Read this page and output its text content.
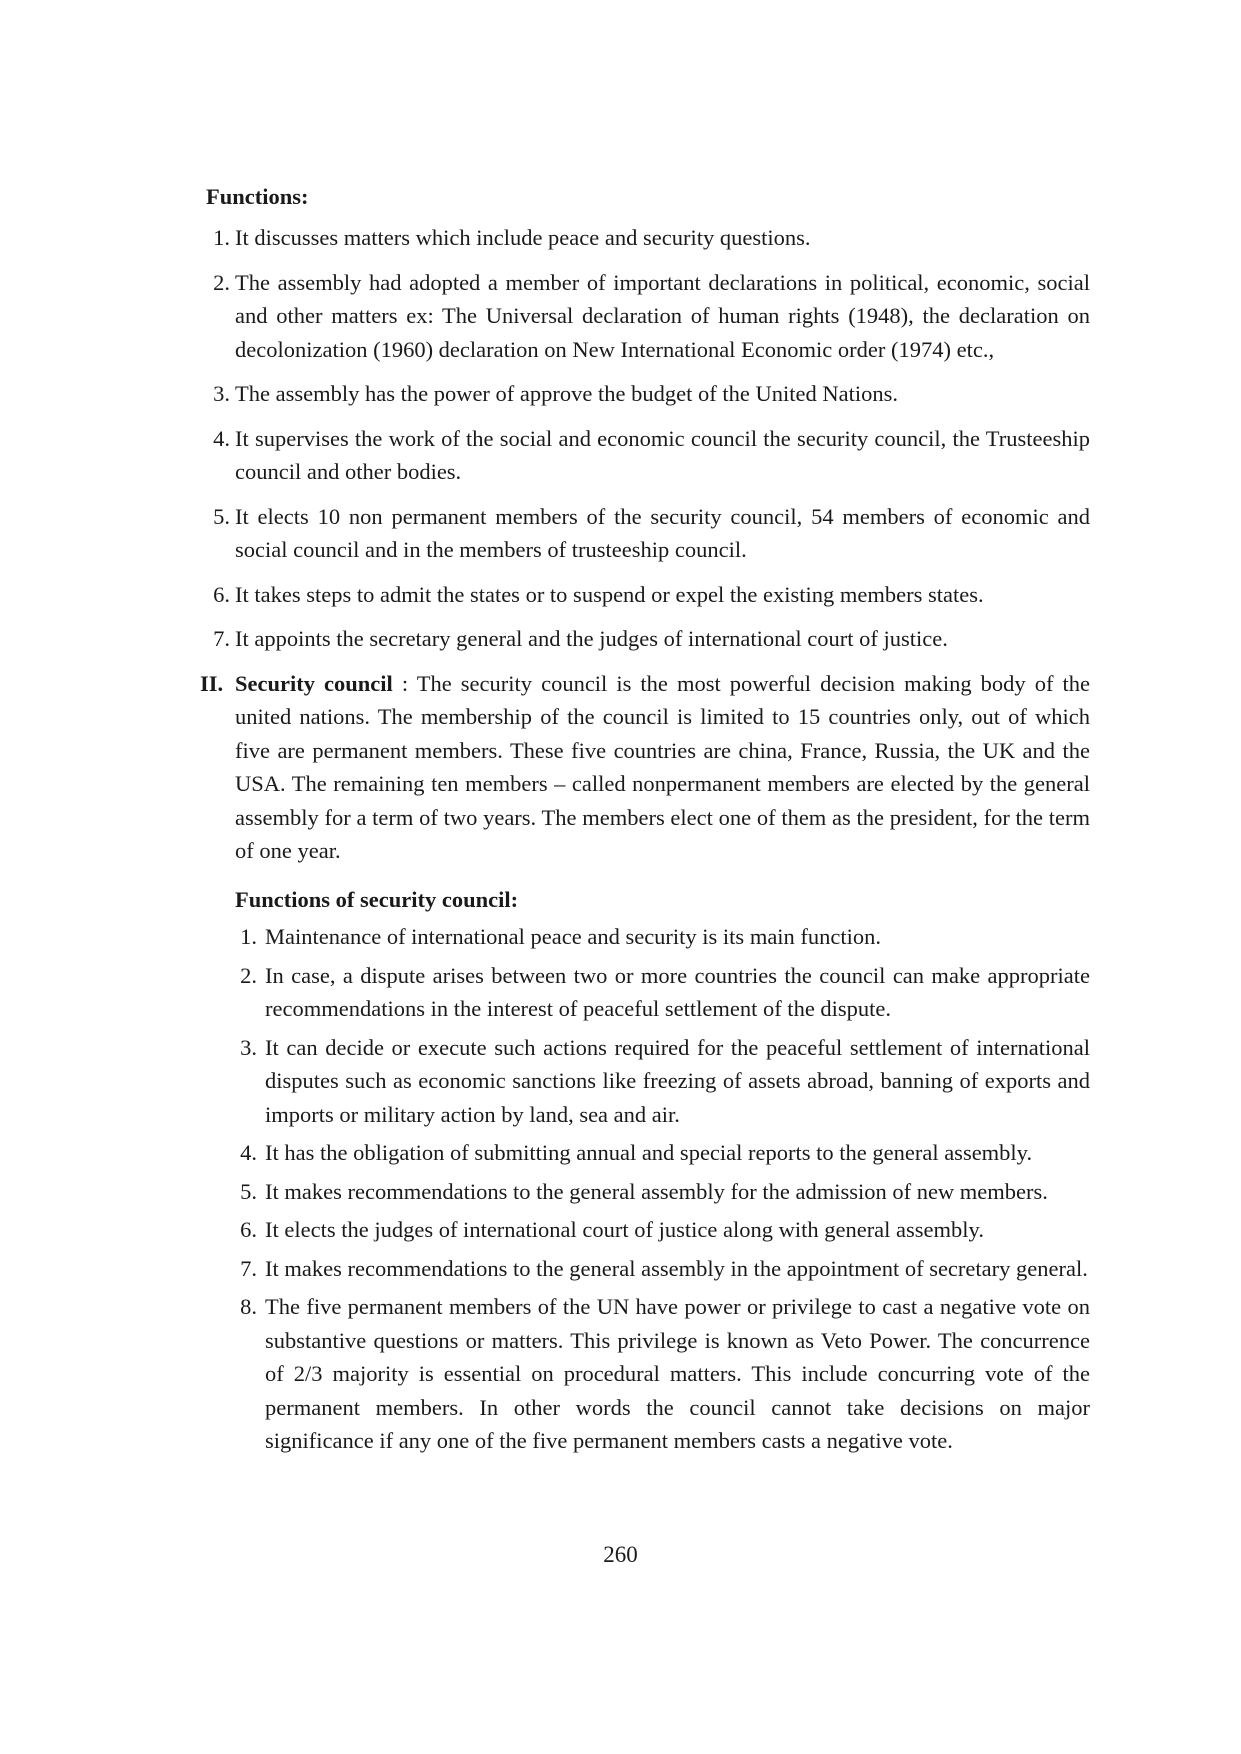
Functions:
1. It discusses matters which include peace and security questions.
2. The assembly had adopted a member of important declarations in political, economic, social and other matters ex: The Universal declaration of human rights (1948), the declaration on decolonization (1960) declaration on New International Economic order (1974) etc.,
3. The assembly has the power of approve the budget of the United Nations.
4. It supervises the work of the social and economic council the security council, the Trusteeship council and other bodies.
5. It elects 10 non permanent members of the security council, 54 members of economic and social council and in the members of trusteeship council.
6. It takes steps to admit the states or to suspend or expel the existing members states.
7. It appoints the secretary general and the judges of international court of justice.
II. Security council : The security council is the most powerful decision making body of the united nations. The membership of the council is limited to 15 countries only, out of which five are permanent members. These five countries are china, France, Russia, the UK and the USA. The remaining ten members – called nonpermanent members are elected by the general assembly for a term of two years. The members elect one of them as the president, for the term of one year.
Functions of security council:
1. Maintenance of international peace and security is its main function.
2. In case, a dispute arises between two or more countries the council can make appropriate recommendations in the interest of peaceful settlement of the dispute.
3. It can decide or execute such actions required for the peaceful settlement of international disputes such as economic sanctions like freezing of assets abroad, banning of exports and imports or military action by land, sea and air.
4. It has the obligation of submitting annual and special reports to the general assembly.
5. It makes recommendations to the general assembly for the admission of new members.
6. It elects the judges of international court of justice along with general assembly.
7. It makes recommendations to the general assembly in the appointment of secretary general.
8. The five permanent members of the UN have power or privilege to cast a negative vote on substantive questions or matters. This privilege is known as Veto Power. The concurrence of 2/3 majority is essential on procedural matters. This include concurring vote of the permanent members. In other words the council cannot take decisions on major significance if any one of the five permanent members casts a negative vote.
260
